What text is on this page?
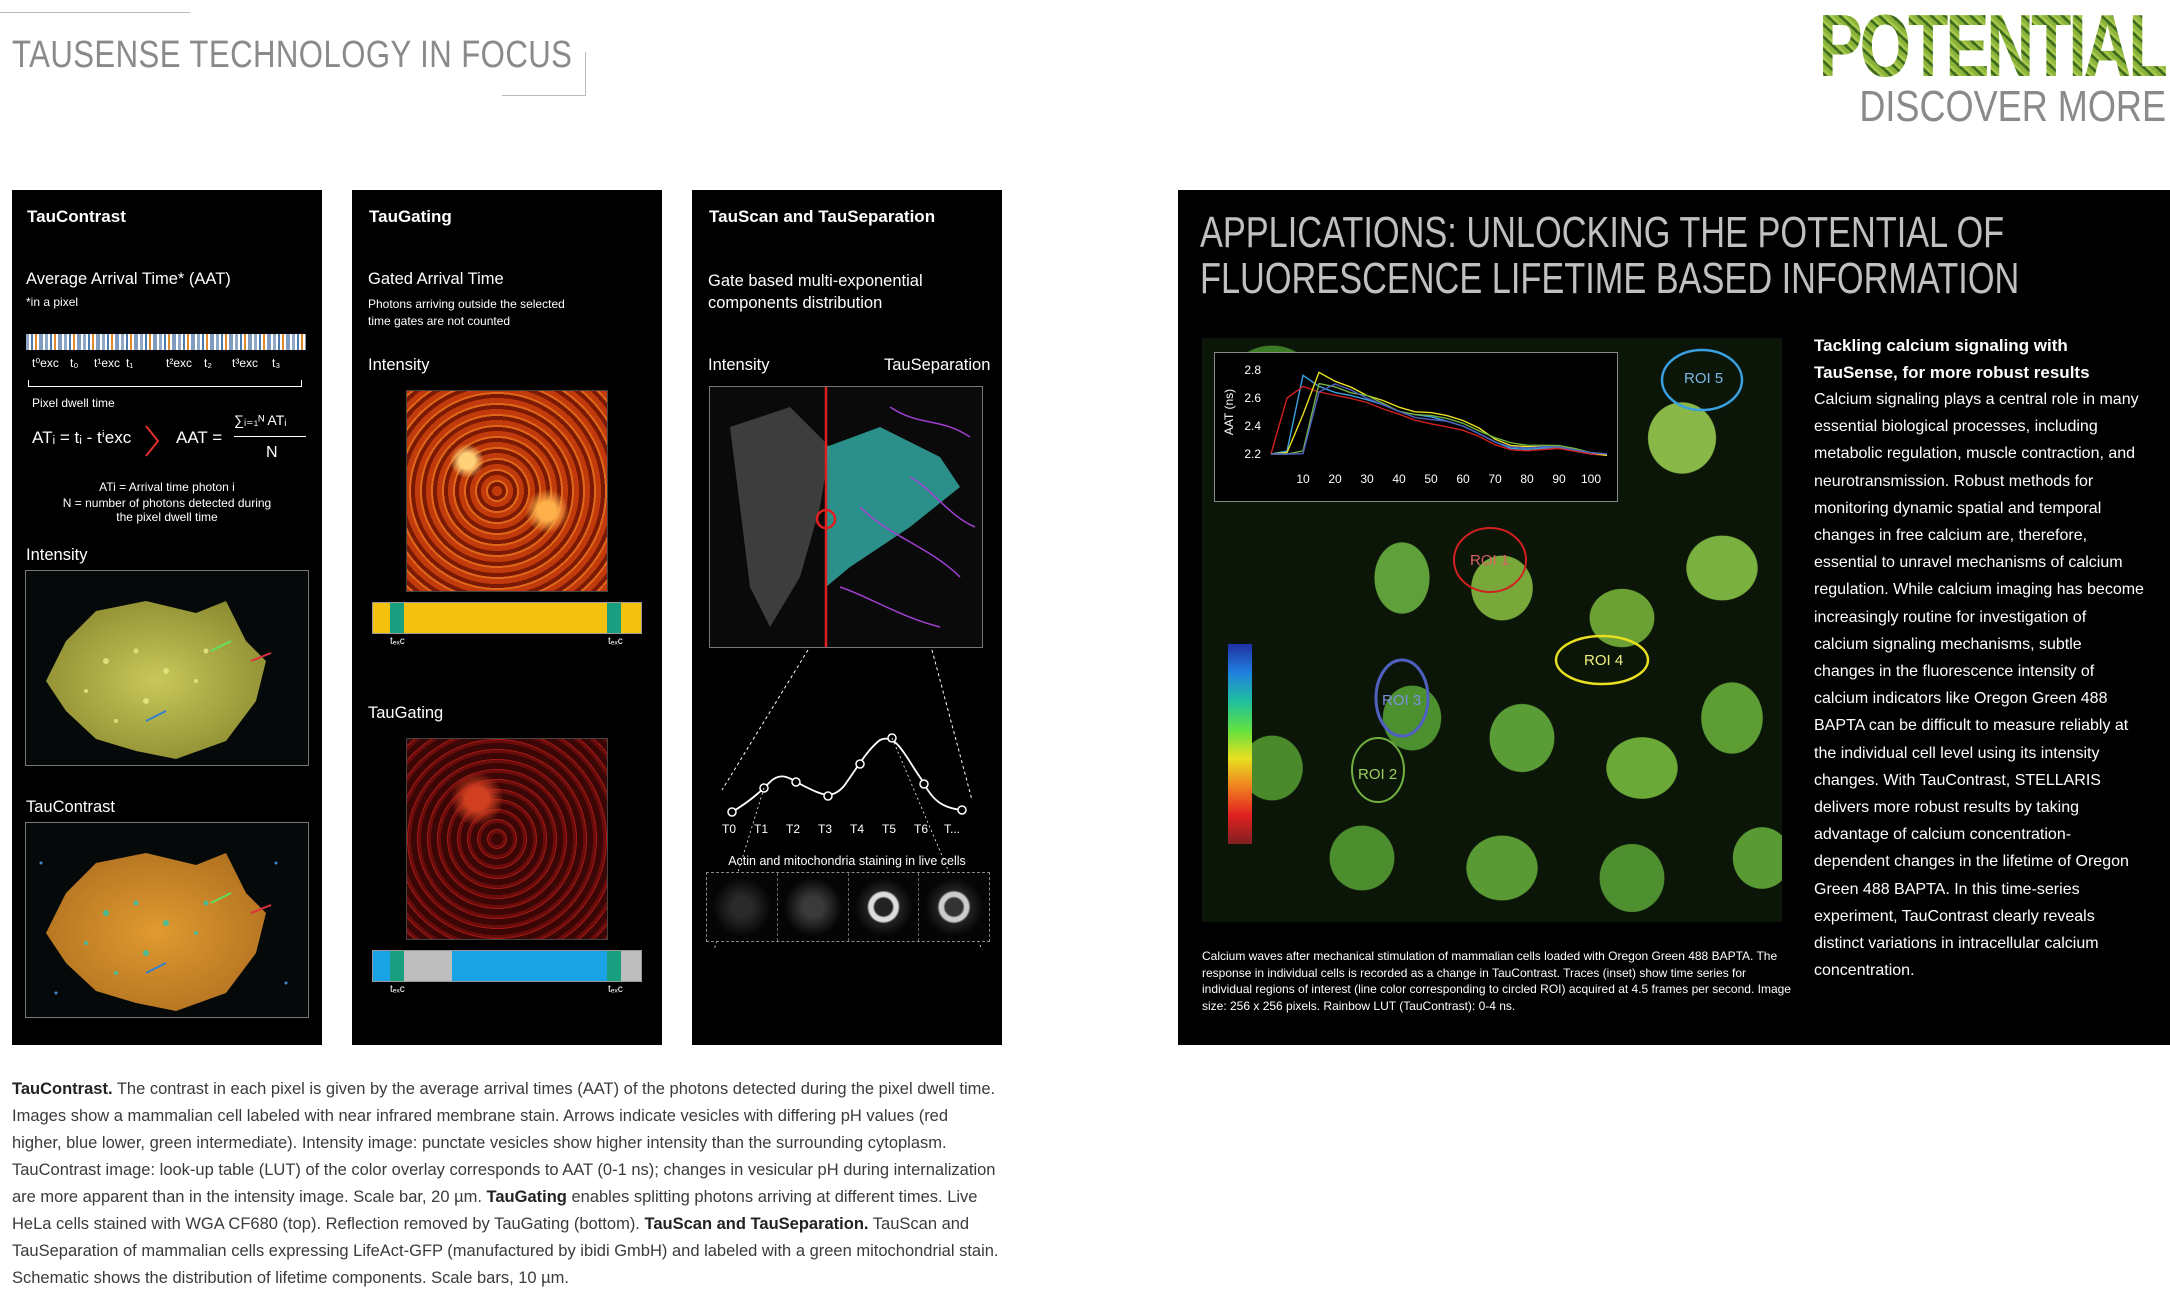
TAUSENSE TECHNOLOGY IN FOCUS	POTENTIAL
DISCOVER MORE
TauContrast
Average Arrival Time* (AAT)
*in a pixel
t⁰exc t₀ t¹exc t₁	t²exc t₂ t³exc t₃
Pixel dwell time
ATᵢ = tᵢ - tⁱexc	AAT =
∑ᵢ₌₁ᴺ ATᵢ
N
ATi = Arrival time photon i
N = number of photons detected during the pixel dwell time
Intensity
TauContrast
TauGating
Gated Arrival Time
Photons arriving outside the selected time gates are not counted
Intensity
tₑₓc	tₑₓc
TauGating
tₑₓc	tₑₓc
TauScan and TauSeparation
Gate based multi-exponential components distribution
Intensity	TauSeparation
Photon counts
T0 T1 T2 T3 T4 T5 T6 T...
Actin and mitochondria staining in live cells
APPLICATIONS: UNLOCKING THE POTENTIAL OF
FLUORESCENCE LIFETIME BASED INFORMATION
ROI 5
ROI 1
ROI 4
ROI 3
ROI 2
10 20 30 40 50 60 70 80 90 100
2.2
2.4
2.6
2.8
AAT (ns)
Tackling calcium signaling with TauSense, for more robust results
Calcium signaling plays a central role in many essential biological processes, including metabolic regulation, muscle contraction, and neurotransmission. Robust methods for monitoring dynamic spatial and temporal changes in free calcium are, therefore, essential to unravel mechanisms of calcium regulation. While calcium imaging has become increasingly routine for investigation of calcium signaling mechanisms, subtle changes in the fluorescence intensity of calcium indicators like Oregon Green 488 BAPTA can be difficult to measure reliably at the individual cell level using its intensity changes. With TauContrast, STELLARIS delivers more robust results by taking advantage of calcium concentration-dependent changes in the lifetime of Oregon Green 488 BAPTA. In this time-series experiment, TauContrast clearly reveals distinct variations in intracellular calcium concentration.
Calcium waves after mechanical stimulation of mammalian cells loaded with Oregon Green 488 BAPTA. The response in individual cells is recorded as a change in TauContrast. Traces (inset) show time series for individual regions of interest (line color corresponding to circled ROI) acquired at 4.5 frames per second. Image size: 256 x 256 pixels. Rainbow LUT (TauContrast): 0-4 ns.
TauContrast. The contrast in each pixel is given by the average arrival times (AAT) of the photons detected during the pixel dwell time. Images show a mammalian cell labeled with near infrared membrane stain. Arrows indicate vesicles with differing pH values (red higher, blue lower, green intermediate). Intensity image: punctate vesicles show higher intensity than the surrounding cytoplasm. TauContrast image: look-up table (LUT) of the color overlay corresponds to AAT (0-1 ns); changes in vesicular pH during internalization are more apparent than in the intensity image. Scale bar, 20 µm. TauGating enables splitting photons arriving at different times. Live HeLa cells stained with WGA CF680 (top). Reflection removed by TauGating (bottom). TauScan and TauSeparation. TauScan and TauSeparation of mammalian cells expressing LifeAct-GFP (manufactured by ibidi GmbH) and labeled with a green mitochondrial stain. Schematic shows the distribution of lifetime components. Scale bars, 10 µm.
